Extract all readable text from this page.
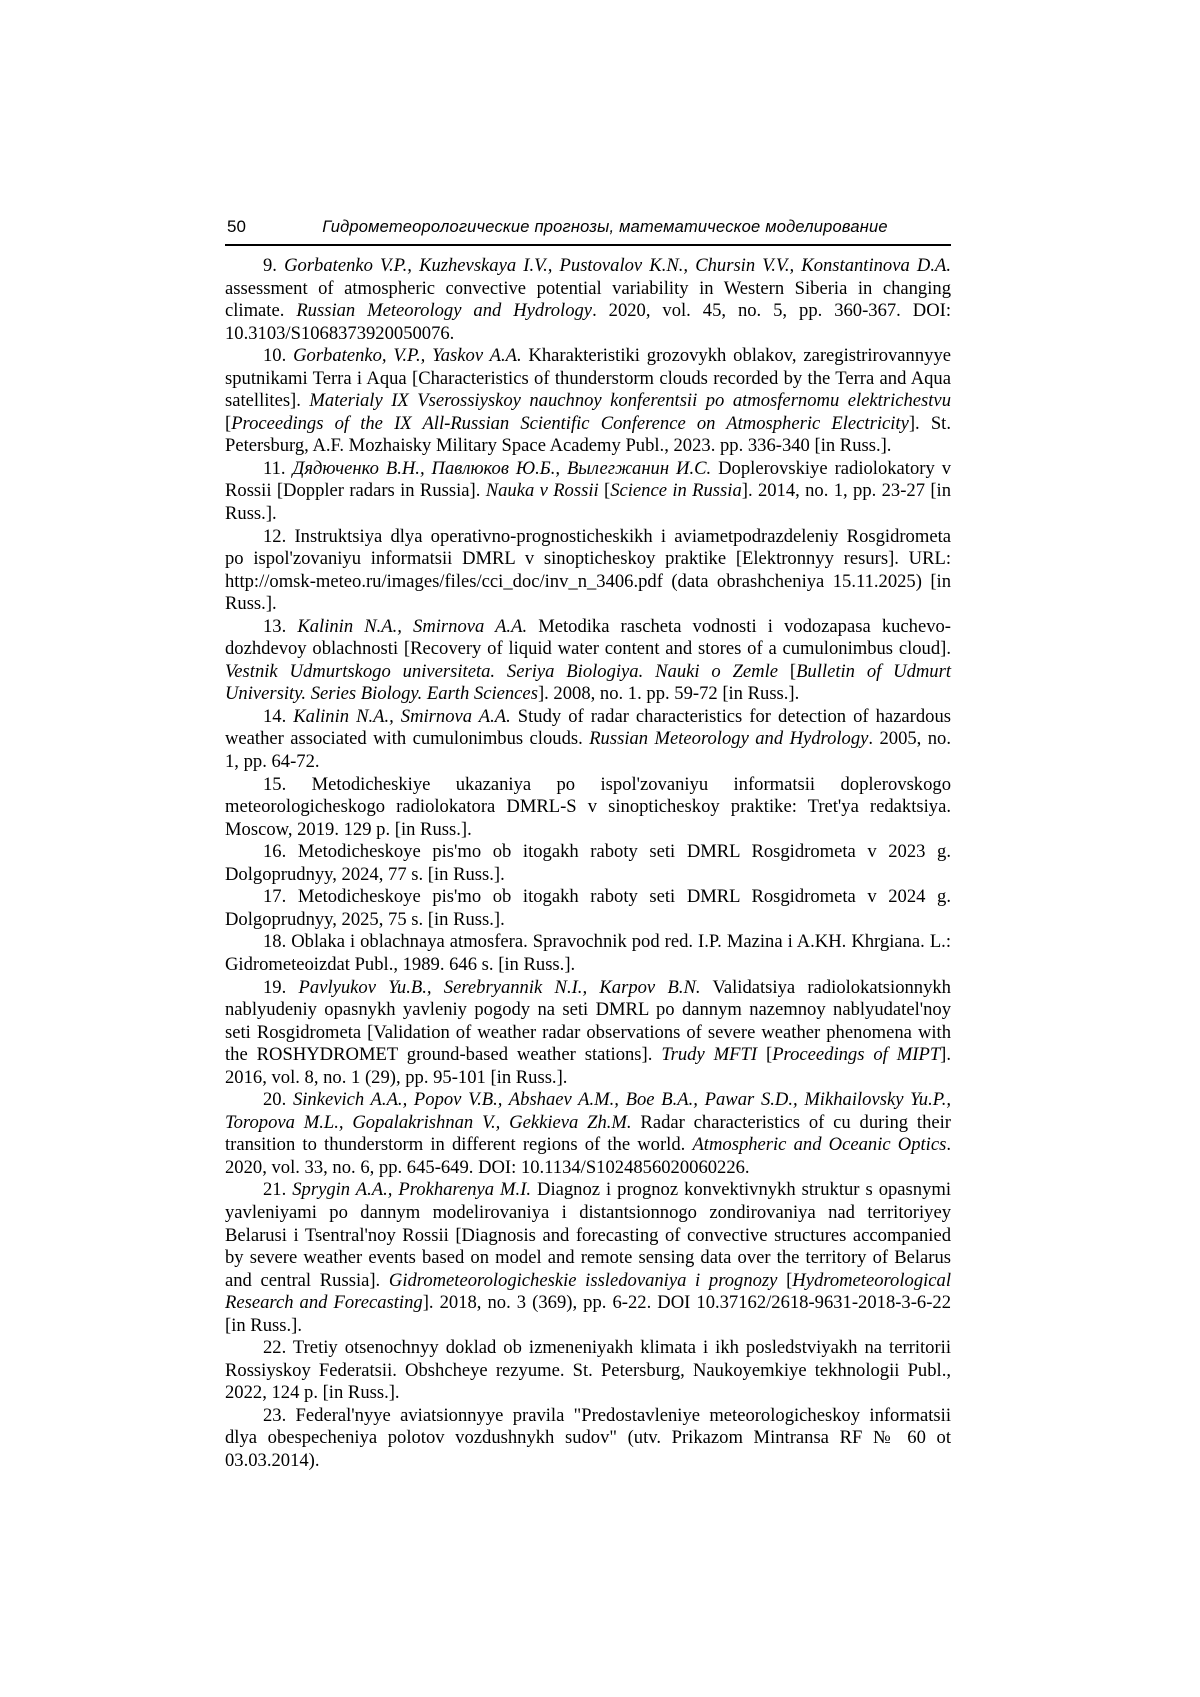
50	Гидрометеорологические прогнозы, математическое моделирование

9. Gorbatenko V.P., Kuzhevskaya I.V., Pustovalov K.N., Chursin V.V., Konstantinova D.A. assessment of atmospheric convective potential variability in Western Siberia in changing climate. Russian Meteorology and Hydrology. 2020, vol. 45, no. 5, pp. 360-367. DOI: 10.3103/S1068373920050076.

10. Gorbatenko, V.P., Yaskov A.A. Kharakteristiki grozovykh oblakov, zaregistrirovannyye sputnikami Terra i Aqua [Characteristics of thunderstorm clouds recorded by the Terra and Aqua satellites]. Materialy IX Vserossiyskoy nauchnoy konferentsii po atmosfernomu elektrichestvu [Proceedings of the IX All-Russian Scientific Conference on Atmospheric Electricity]. St. Petersburg, A.F. Mozhaisky Military Space Academy Publ., 2023. pp. 336-340 [in Russ.].

11. Дядюченко В.Н., Павлюков Ю.Б., Вылегжанин И.С. Doplerovskiye radiolokatory v Rossii [Doppler radars in Russia]. Nauka v Rossii [Science in Russia]. 2014, no. 1, pp. 23-27 [in Russ.].

12. Instruktsiya dlya operativno-prognosticheskikh i aviametpodrazdeleniy Rosgidrometa po ispol'zovaniyu informatsii DMRL v sinopticheskoy praktike [Elektronnyy resurs]. URL: http://omsk-meteo.ru/images/files/cci_doc/inv_n_3406.pdf (data obrashcheniya 15.11.2025) [in Russ.].

13. Kalinin N.A., Smirnova A.A. Metodika rascheta vodnosti i vodozapasa kuchevo-dozhdevoy oblachnosti [Recovery of liquid water content and stores of a cumulonimbus cloud]. Vestnik Udmurtskogo universiteta. Seriya Biologiya. Nauki o Zemle [Bulletin of Udmurt University. Series Biology. Earth Sciences]. 2008, no. 1. pp. 59-72 [in Russ.].

14. Kalinin N.A., Smirnova A.A. Study of radar characteristics for detection of hazardous weather associated with cumulonimbus clouds. Russian Meteorology and Hydrology. 2005, no. 1, pp. 64-72.

15. Metodicheskiye ukazaniya po ispol'zovaniyu informatsii doplerovskogo meteorologicheskogo radiolokatora DMRL-S v sinopticheskoy praktike: Tret'ya redaktsiya. Moscow, 2019. 129 p. [in Russ.].

16. Metodicheskoye pis'mo ob itogakh raboty seti DMRL Rosgidrometa v 2023 g. Dolgoprudnyy, 2024, 77 s. [in Russ.].

17. Metodicheskoye pis'mo ob itogakh raboty seti DMRL Rosgidrometa v 2024 g. Dolgoprudnyy, 2025, 75 s. [in Russ.].

18. Oblaka i oblachnaya atmosfera. Spravochnik pod red. I.P. Mazina i A.KH. Khrgiana. L.: Gidrometeoizdat Publ., 1989. 646 s. [in Russ.].

19. Pavlyukov Yu.B., Serebryannik N.I., Karpov B.N. Validatsiya radiolokatsionnykh nablyudeniy opasnykh yavleniy pogody na seti DMRL po dannym nazemnoy nablyudatel'noy seti Rosgidrometa [Validation of weather radar observations of severe weather phenomena with the ROSHYDROMET ground-based weather stations]. Trudy MFTI [Proceedings of MIPT]. 2016, vol. 8, no. 1 (29), pp. 95-101 [in Russ.].

20. Sinkevich A.A., Popov V.B., Abshaev A.M., Boe B.A., Pawar S.D., Mikhailovsky Yu.P., Toropova M.L., Gopalakrishnan V., Gekkieva Zh.M. Radar characteristics of cu during their transition to thunderstorm in different regions of the world. Atmospheric and Oceanic Optics. 2020, vol. 33, no. 6, pp. 645-649. DOI: 10.1134/S1024856020060226.

21. Sprygin A.A., Prokharenya M.I. Diagnoz i prognoz konvektivnykh struktur s opasnymi yavleniyami po dannym modelirovaniya i distantsionnogo zondirovaniya nad territoriyey Belarusi i Tsentral'noy Rossii [Diagnosis and forecasting of convective structures accompanied by severe weather events based on model and remote sensing data over the territory of Belarus and central Russia]. Gidrometeorologicheskie issledovaniya i prognozy [Hydrometeorological Research and Forecasting]. 2018, no. 3 (369), pp. 6-22. DOI 10.37162/2618-9631-2018-3-6-22 [in Russ.].

22. Tretiy otsenochnyy doklad ob izmeneniyakh klimata i ikh posledstviyakh na territorii Rossiyskoy Federatsii. Obshcheye rezyume. St. Petersburg, Naukoyemkiye tekhnologii Publ., 2022, 124 p. [in Russ.].

23. Federal'nyye aviatsionnyye pravila "Predostavleniye meteorologicheskoy informatsii dlya obespecheniya polotov vozdushnykh sudov" (utv. Prikazom Mintransa RF № 60 ot 03.03.2014).
